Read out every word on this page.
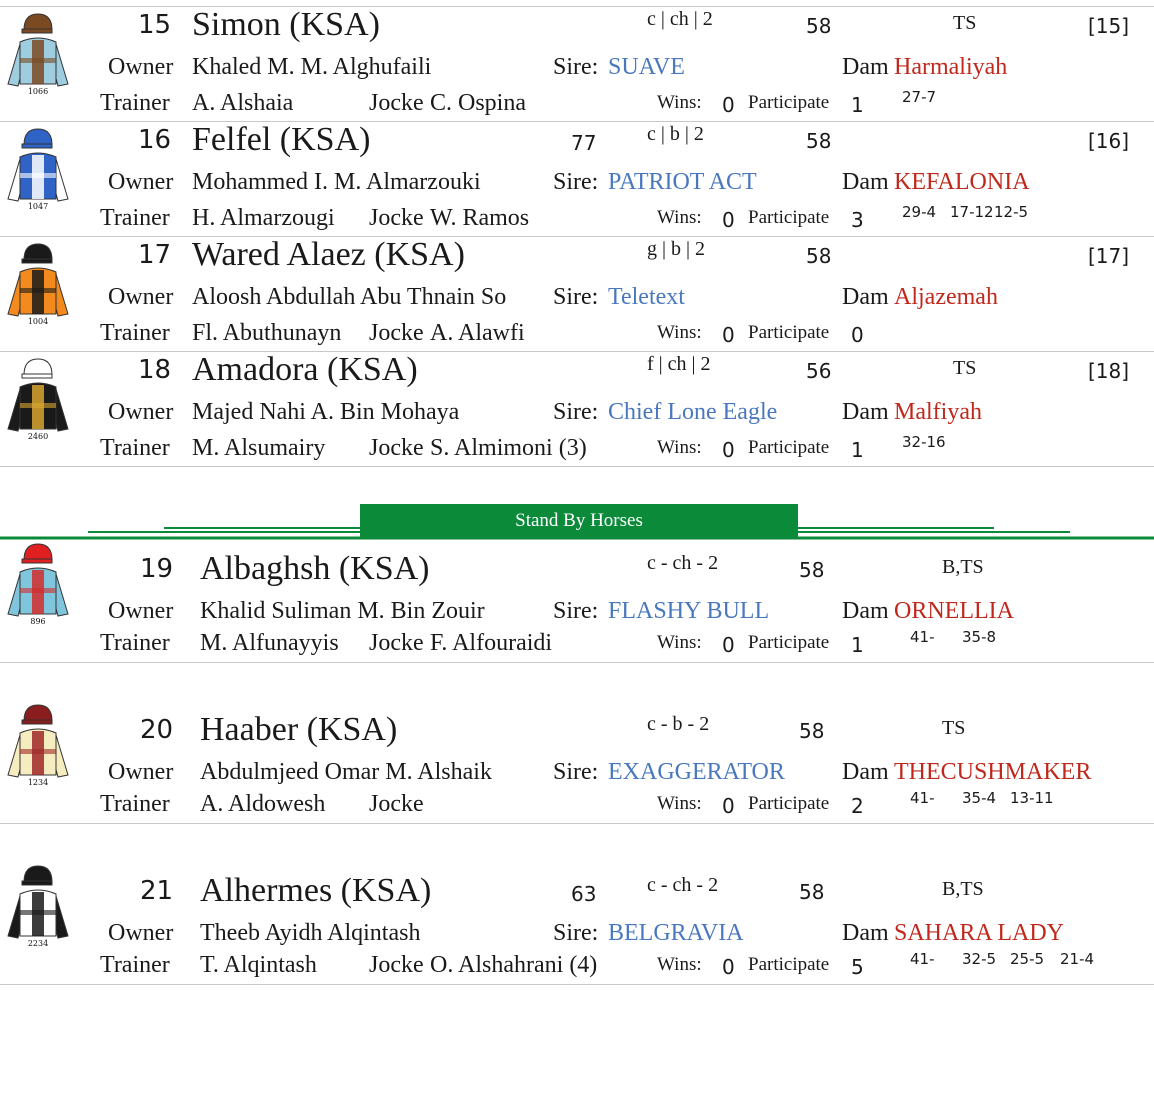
1066
15 Simon (KSA)	c | ch | 2	58	TS	[15]
Owner Khaled M. M. Alghufaili	Sire: SUAVE	Dam Harmaliyah
Trainer A. Alshaia	Jocke C. Ospina	Wins: 0 Participate	1	27-7
1047
16 Felfel (KSA)	77	c | b | 2	58	[16]
Owner Mohammed I. M. Almarzouki	Sire: PATRIOT ACT	Dam KEFALONIA
Trainer H. Almarzougi Jocke W. Ramos	Wins: 0 Participate	3	29-4 17-12 12-5
1004
17 Wared Alaez (KSA)	g | b | 2	58	[17]
Owner Aloosh Abdullah Abu Thnain So Sire: Teletext	Dam Aljazemah
Trainer Fl. Abuthunayn Jocke A. Alawfi	Wins: 0 Participate	0
2460
18 Amadora (KSA)	f | ch | 2	56	TS	[18]
Owner Majed Nahi A. Bin Mohaya	Sire: Chief Lone Eagle	Dam Malfiyah
Trainer M. Alsumairy Jocke S. Almimoni (3)	Wins: 0 Participate	1	32-16
Stand By Horses
896
19 Albaghsh (KSA)	c - ch - 2	58	B,TS
Owner Khalid Suliman M. Bin Zouir	Sire: FLASHY BULL	Dam ORNELLIA
Trainer	M. Alfunayyis Jocke F. Alfouraidi	Wins: 0 Participate	1	41- 35-8
1234
20 Haaber (KSA)	c - b - 2	58	TS
Owner Abdulmjeed Omar M. Alshaik	Sire: EXAGGERATOR Dam THECUSHMAKER
Trainer	A. Aldowesh Jocke	Wins: 0 Participate	2	41- 35-4 13-11
2234
21 Alhermes (KSA)	63	c - ch - 2	58	B,TS
Owner Theeb Ayidh Alqintash	Sire: BELGRAVIA	Dam SAHARA LADY
Trainer	T. Alqintash Jocke O. Alshahrani (4)	Wins: 0 Participate	5	41- 32-5 25-5 21-4
